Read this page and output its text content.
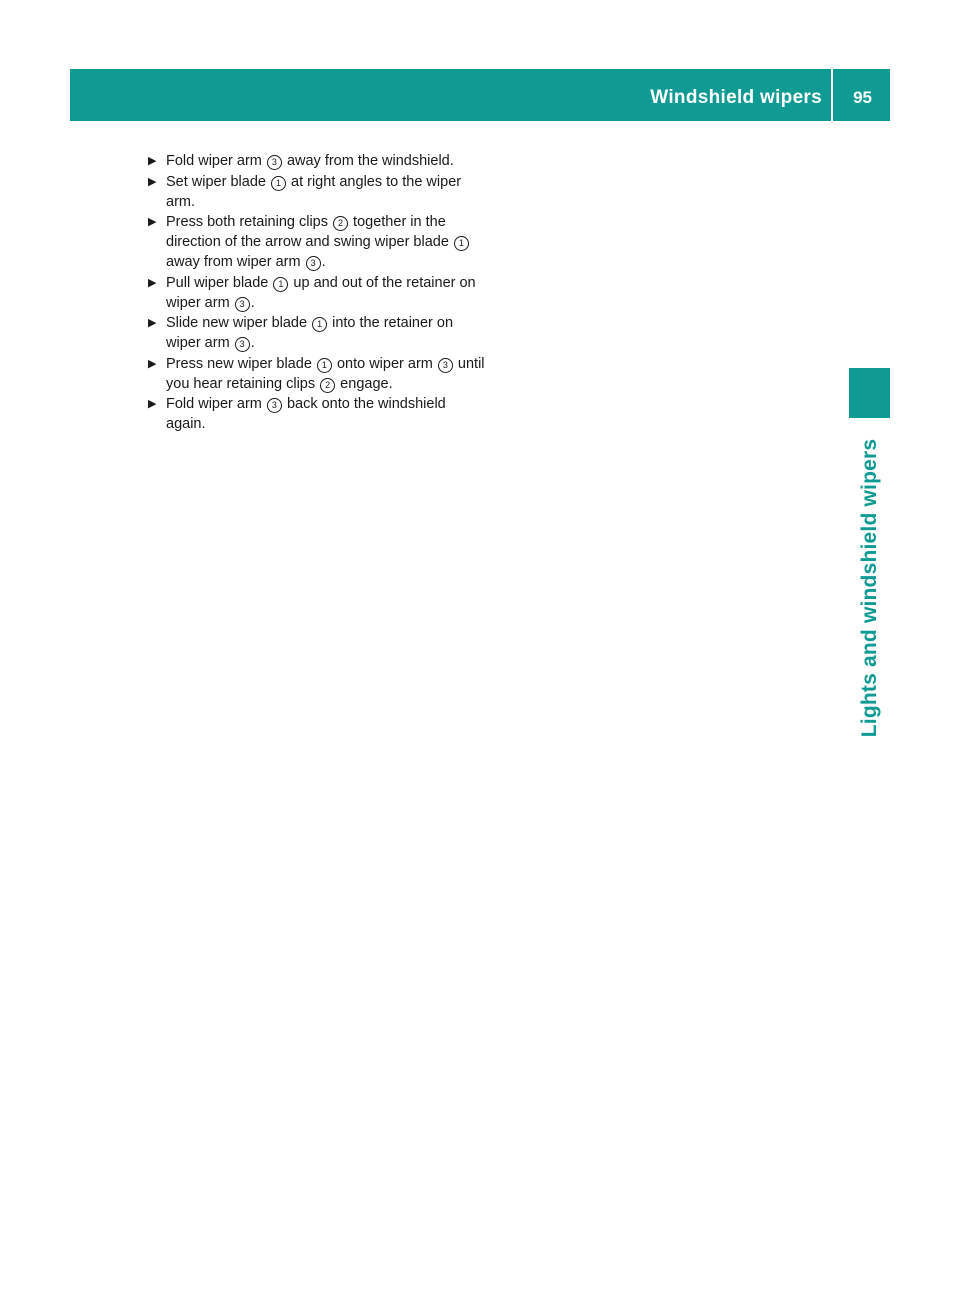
Windshield wipers 95
Lights and windshield wipers
▶ Fold wiper arm 3 away from the windshield.
▶ Set wiper blade 1 at right angles to the wiper arm.
▶ Press both retaining clips 2 together in the direction of the arrow and swing wiper blade 1 away from wiper arm 3 .
▶ Pull wiper blade 1 up and out of the retainer on wiper arm 3 .
▶ Slide new wiper blade 1 into the retainer on wiper arm 3 .
▶ Press new wiper blade 1 onto wiper arm 3 until you hear retaining clips 2 engage.
▶ Fold wiper arm 3 back onto the windshield again.
